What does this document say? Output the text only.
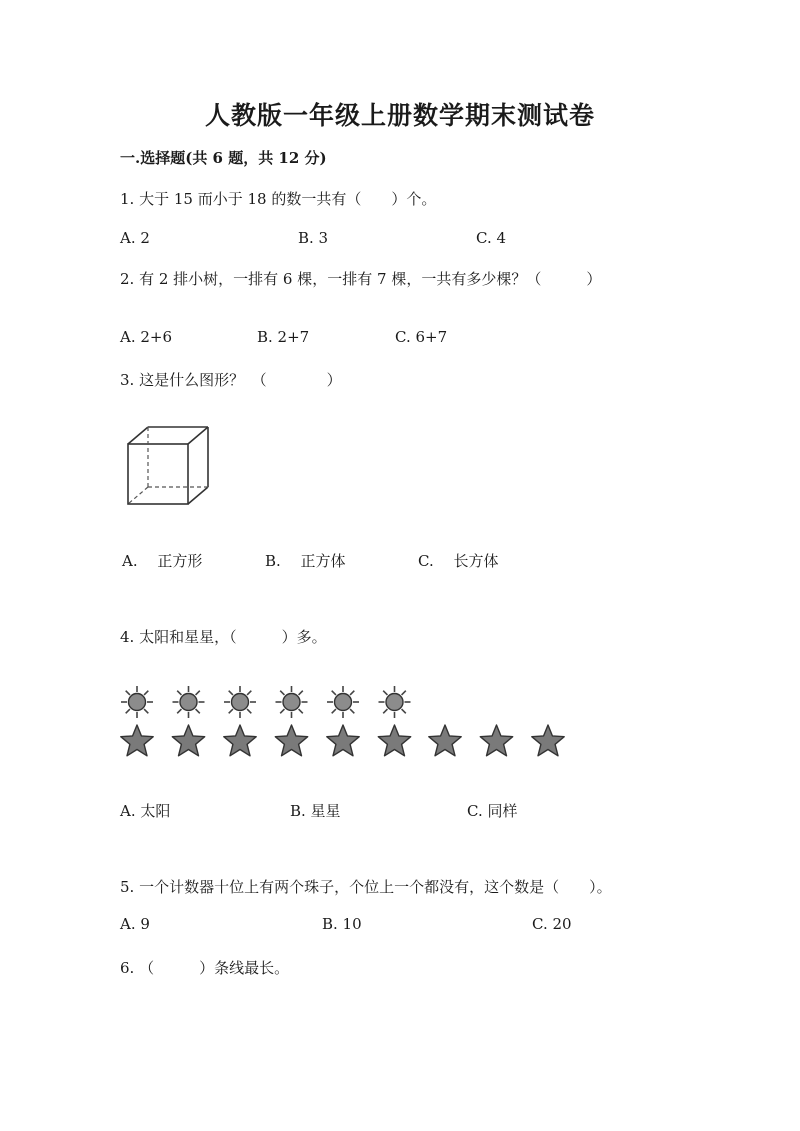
人教版一年级上册数学期末测试卷
一.选择题(共 6 题，共 12 分)
1. 大于 15 而小于 18 的数一共有（　　）个。
A. 2	B. 3	C. 4
2. 有 2 排小树，一排有 6 棵，一排有 7 棵，一共有多少棵？（　　　）
A. 2+6	B. 2+7	C. 6+7
3. 这是什么图形？　（　　　　）
A.　 正方形	B.　 正方体	C.　 长方体
4. 太阳和星星，（　　　）多。
A. 太阳	B. 星星	C. 同样
5. 一个计数器十位上有两个珠子，个位上一个都没有，这个数是（　　）。
A. 9	B. 10	C. 20
6. （　　　）条线最长。
